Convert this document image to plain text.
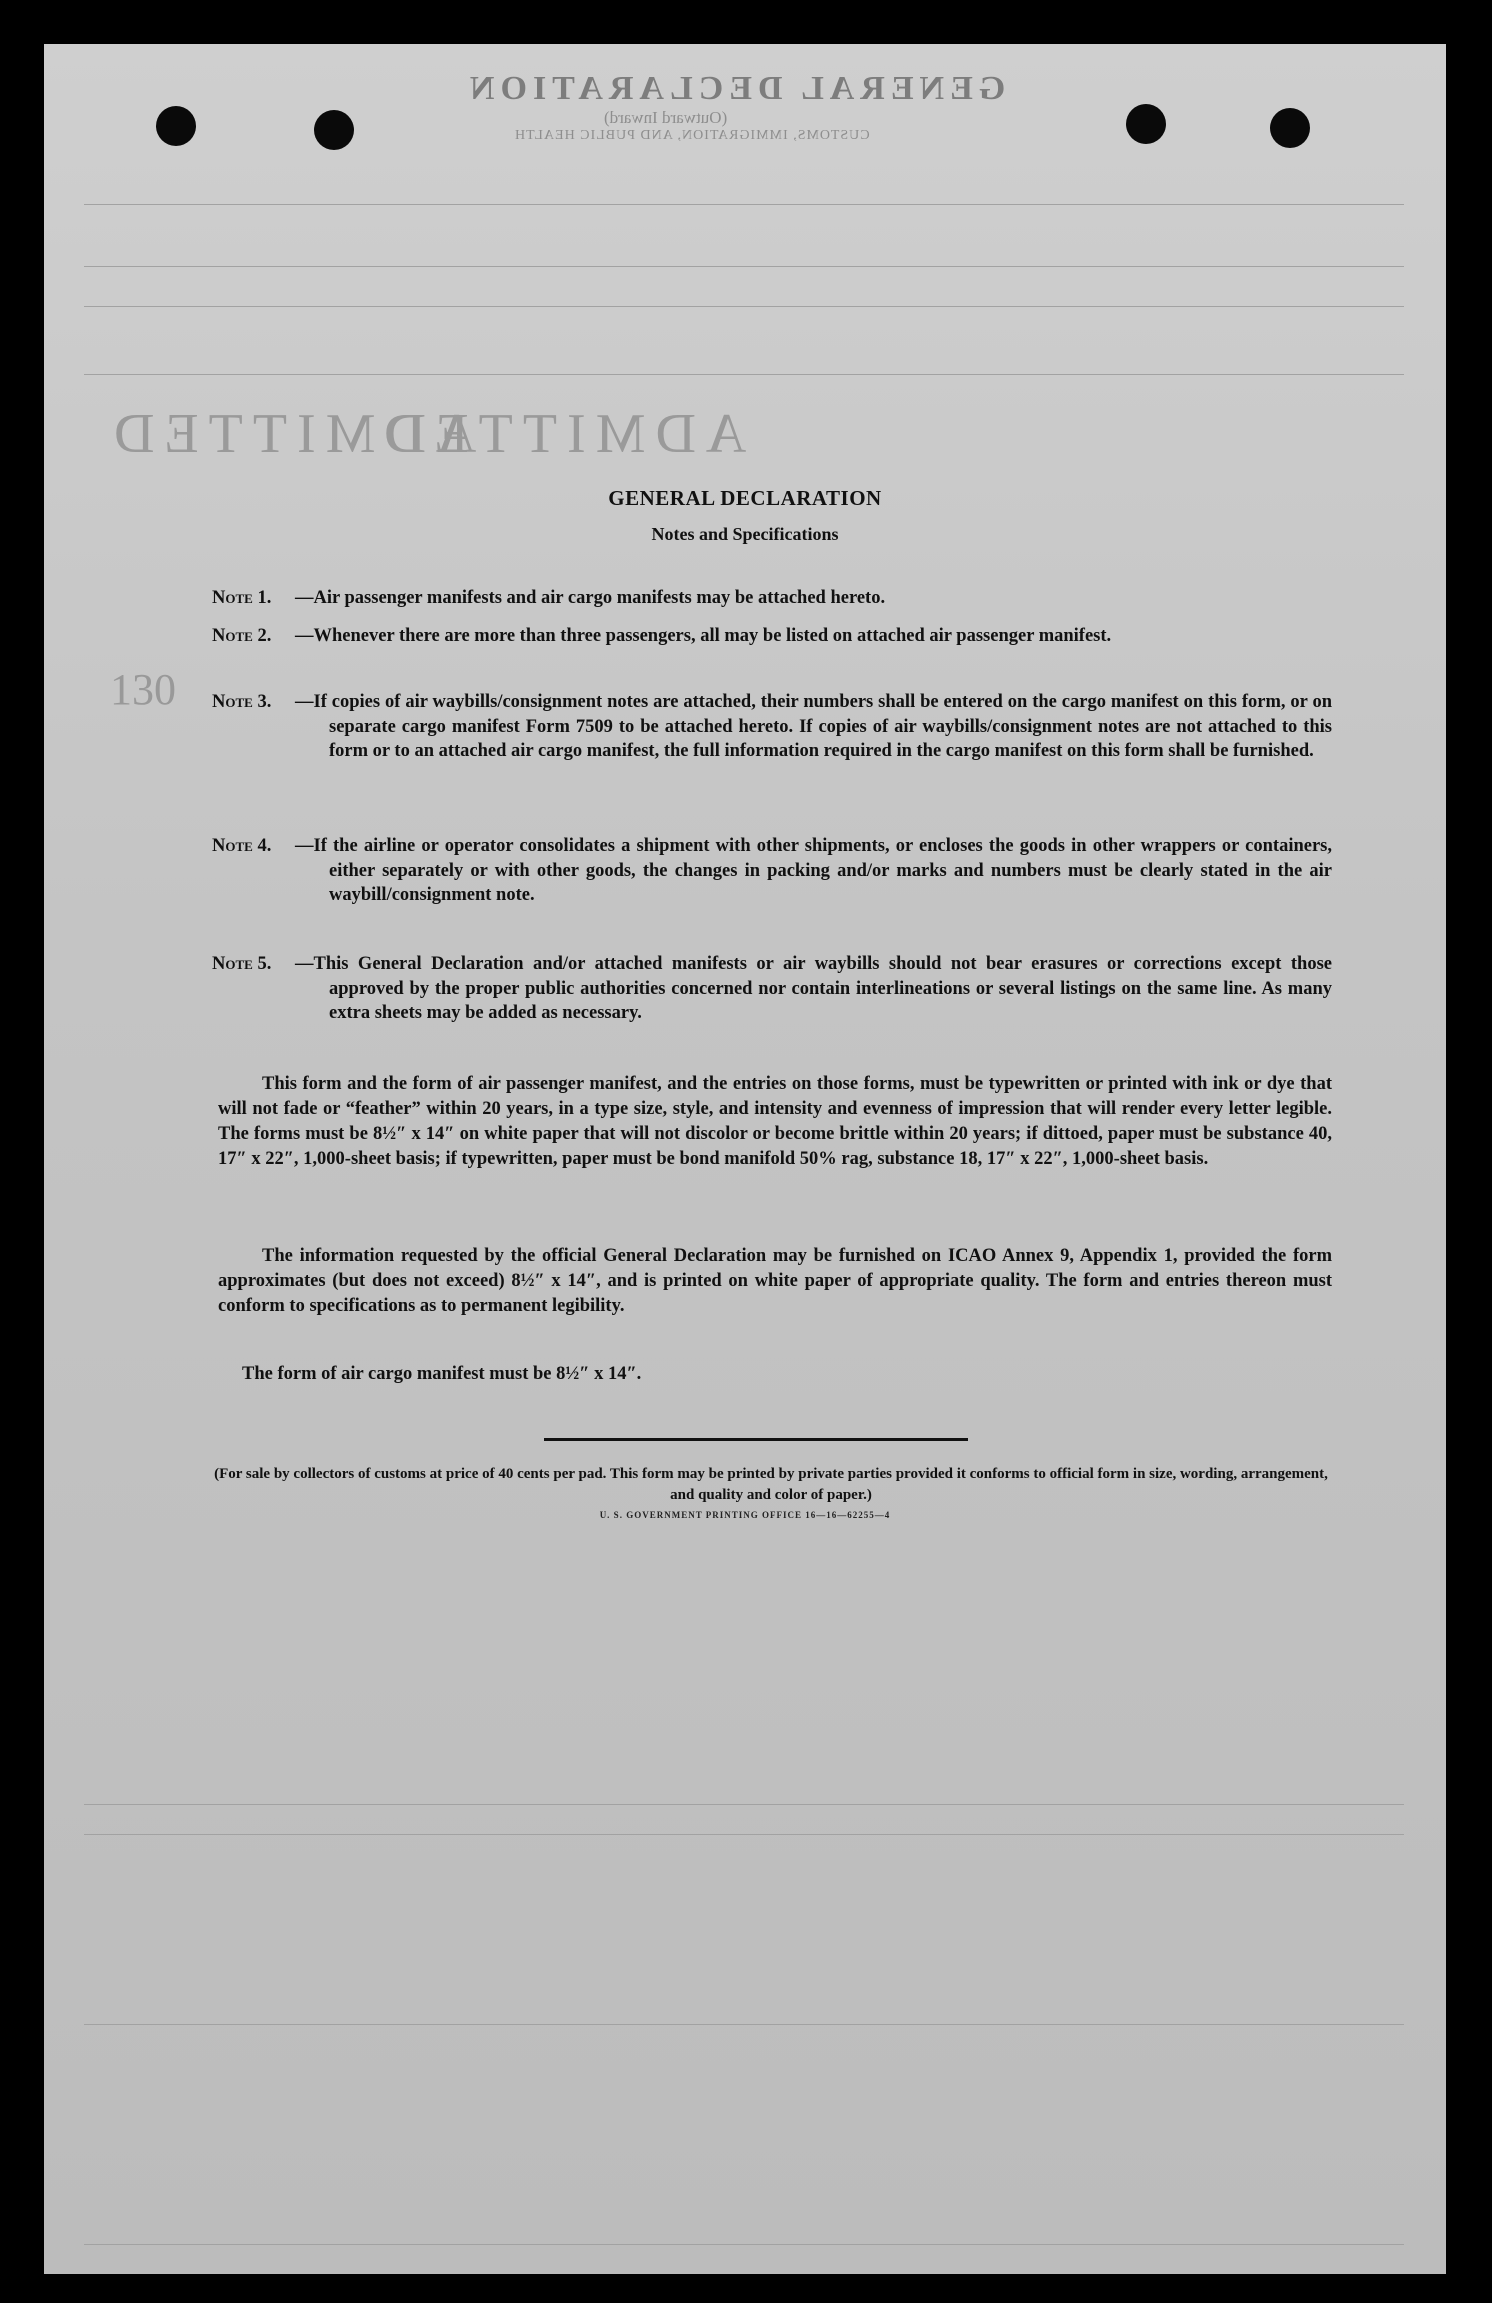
GENERAL DECLARATION
(Outward Inward)
CUSTOMS, IMMIGRATION, AND PUBLIC HEALTH
ADMITTED
ADMITTED
130
GENERAL DECLARATION
Notes and Specifications
Note 1.	—Air passenger manifests and air cargo manifests may be attached hereto.
Note 2.	—Whenever there are more than three passengers, all may be listed on attached air passenger manifest.
Note 3.	—If copies of air waybills/consignment notes are attached, their numbers shall be entered on the cargo manifest on this form, or on separate cargo manifest Form 7509 to be attached hereto. If copies of air waybills/consignment notes are not attached to this form or to an attached air cargo manifest, the full information required in the cargo manifest on this form shall be furnished.
Note 4.	—If the airline or operator consolidates a shipment with other shipments, or encloses the goods in other wrappers or containers, either separately or with other goods, the changes in packing and/or marks and numbers must be clearly stated in the air waybill/consignment note.
Note 5.	—This General Declaration and/or attached manifests or air waybills should not bear erasures or corrections except those approved by the proper public authorities concerned nor contain interlineations or several listings on the same line. As many extra sheets may be added as necessary.
This form and the form of air passenger manifest, and the entries on those forms, must be typewritten or printed with ink or dye that will not fade or “feather” within 20 years, in a type size, style, and intensity and evenness of impression that will render every letter legible. The forms must be 8½″ x 14″ on white paper that will not discolor or become brittle within 20 years; if dittoed, paper must be substance 40, 17″ x 22″, 1,000-sheet basis; if typewritten, paper must be bond manifold 50% rag, substance 18, 17″ x 22″, 1,000-sheet basis.
The information requested by the official General Declaration may be furnished on ICAO Annex 9, Appendix 1, provided the form approximates (but does not exceed) 8½″ x 14″, and is printed on white paper of appropriate quality. The form and entries thereon must conform to specifications as to permanent legibility.
The form of air cargo manifest must be 8½″ x 14″.
(For sale by collectors of customs at price of 40 cents per pad. This form may be printed by private parties provided it conforms to official form in size, wording, arrangement, and quality and color of paper.)
U. S. GOVERNMENT PRINTING OFFICE 16—16—62255—4
